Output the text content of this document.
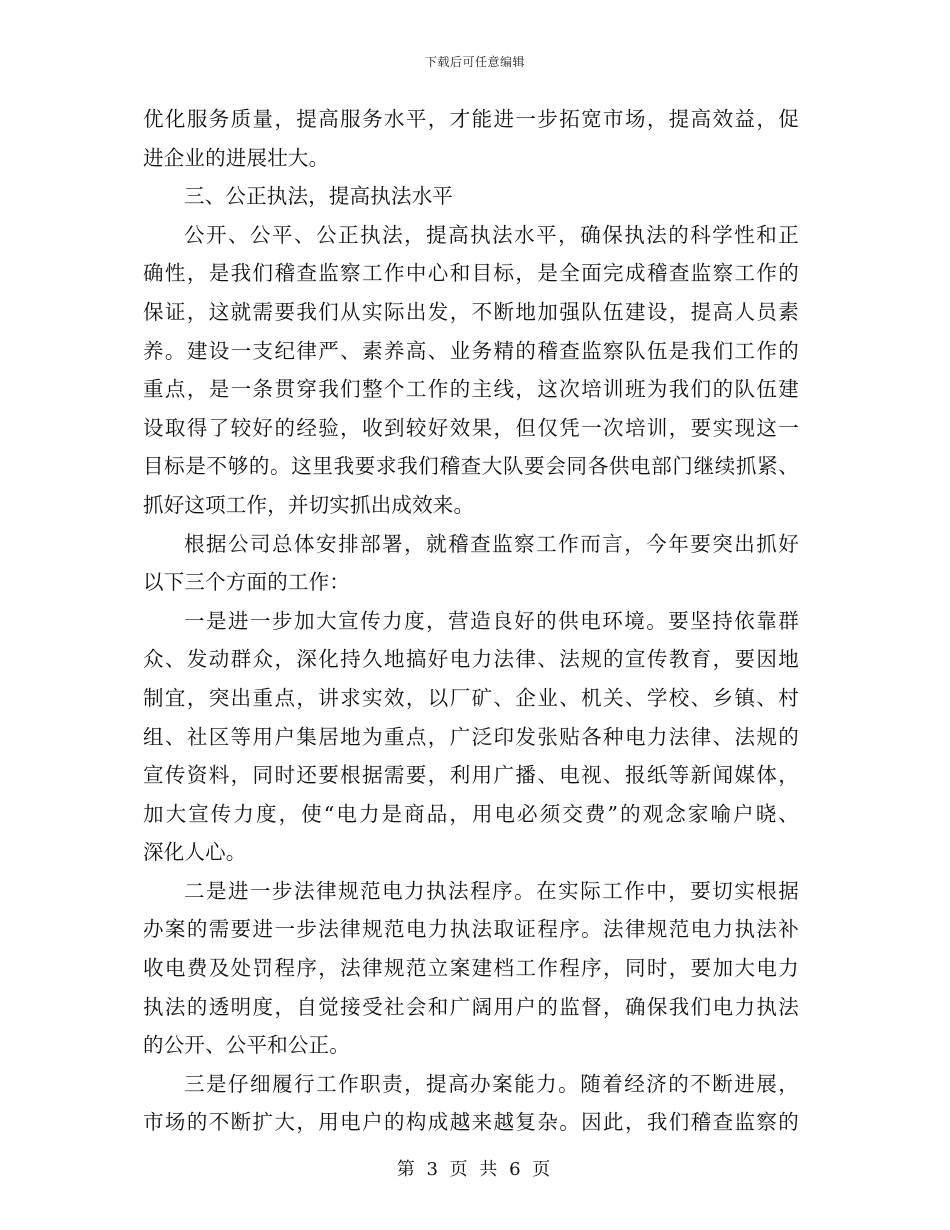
下载后可任意编辑
优化服务质量，提高服务水平，才能进一步拓宽市场，提高效益，促
进企业的进展壮大。
三、公正执法，提高执法水平
公开、公平、公正执法，提高执法水平，确保执法的科学性和正
确性，是我们稽查监察工作中心和目标，是全面完成稽查监察工作的
保证，这就需要我们从实际出发，不断地加强队伍建设，提高人员素
养。建设一支纪律严、素养高、业务精的稽查监察队伍是我们工作的
重点，是一条贯穿我们整个工作的主线，这次培训班为我们的队伍建
设取得了较好的经验，收到较好效果，但仅凭一次培训，要实现这一
目标是不够的。这里我要求我们稽查大队要会同各供电部门继续抓紧、
抓好这项工作，并切实抓出成效来。
根据公司总体安排部署，就稽查监察工作而言，今年要突出抓好
以下三个方面的工作：
一是进一步加大宣传力度，营造良好的供电环境。要坚持依靠群
众、发动群众，深化持久地搞好电力法律、法规的宣传教育，要因地
制宜，突出重点，讲求实效，以厂矿、企业、机关、学校、乡镇、村
组、社区等用户集居地为重点，广泛印发张贴各种电力法律、法规的
宣传资料，同时还要根据需要，利用广播、电视、报纸等新闻媒体，
加大宣传力度，使“电力是商品，用电必须交费”的观念家喻户晓、
深化人心。
二是进一步法律规范电力执法程序。在实际工作中，要切实根据
办案的需要进一步法律规范电力执法取证程序。法律规范电力执法补
收电费及处罚程序，法律规范立案建档工作程序，同时，要加大电力
执法的透明度，自觉接受社会和广阔用户的监督，确保我们电力执法
的公开、公平和公正。
三是仔细履行工作职责，提高办案能力。随着经济的不断进展，
市场的不断扩大，用电户的构成越来越复杂。因此，我们稽查监察的
第 3 页 共 6 页
